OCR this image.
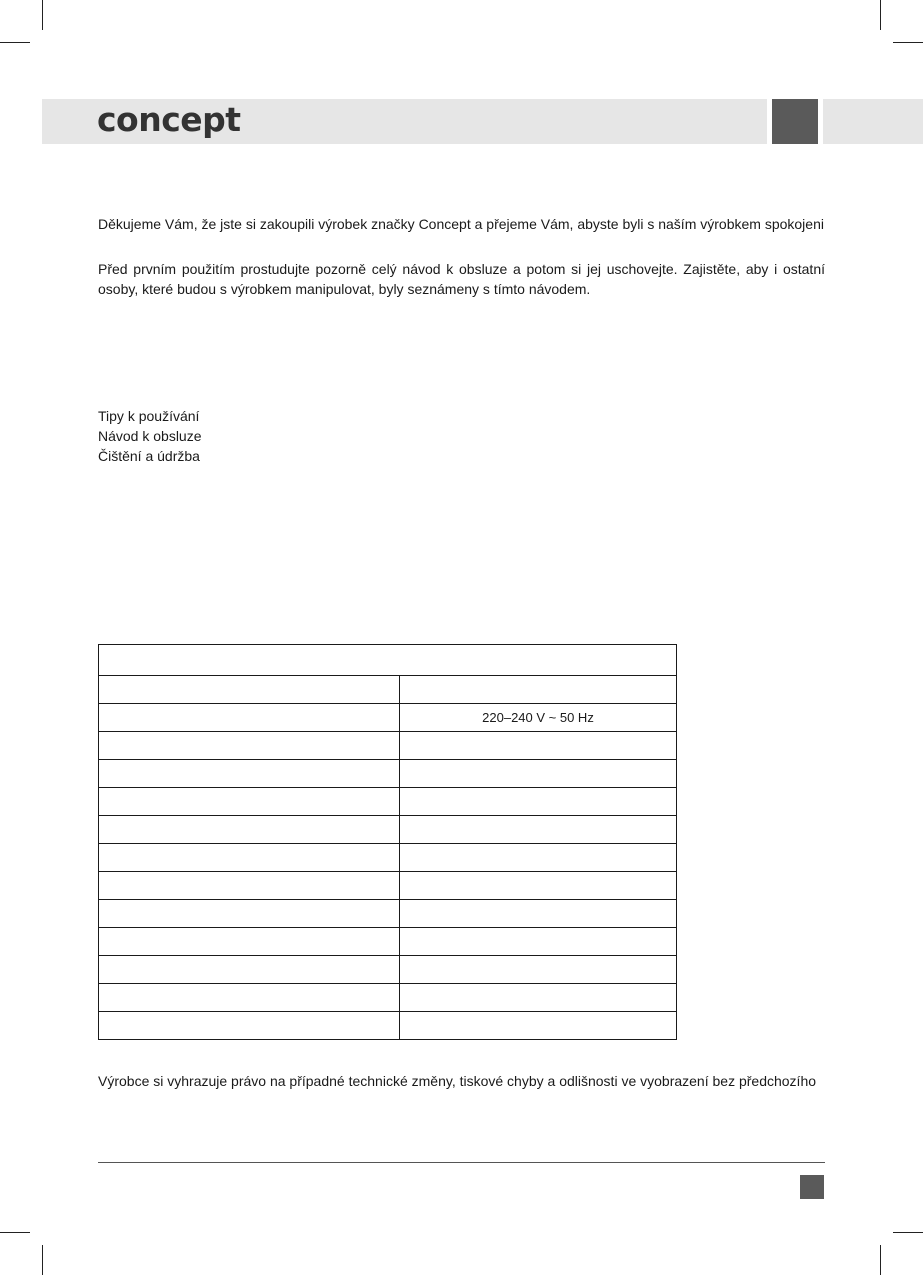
concept
Děkujeme Vám, že jste si zakoupili výrobek značky Concept a přejeme Vám, abyste byli s naším výrobkem spokojeni
Před prvním použitím prostudujte pozorně celý návod k obsluze a potom si jej uschovejte. Zajistěte, aby i ostatní
osoby, které budou s výrobkem manipulovat, byly seznámeny s tímto návodem.
Tipy k používání
Návod k obsluze
Čištění a údržba

	220–240 V ~ 50 Hz

Výrobce si vyhrazuje právo na případné technické změny, tiskové chyby a odlišnosti ve vyobrazení bez předchozího
